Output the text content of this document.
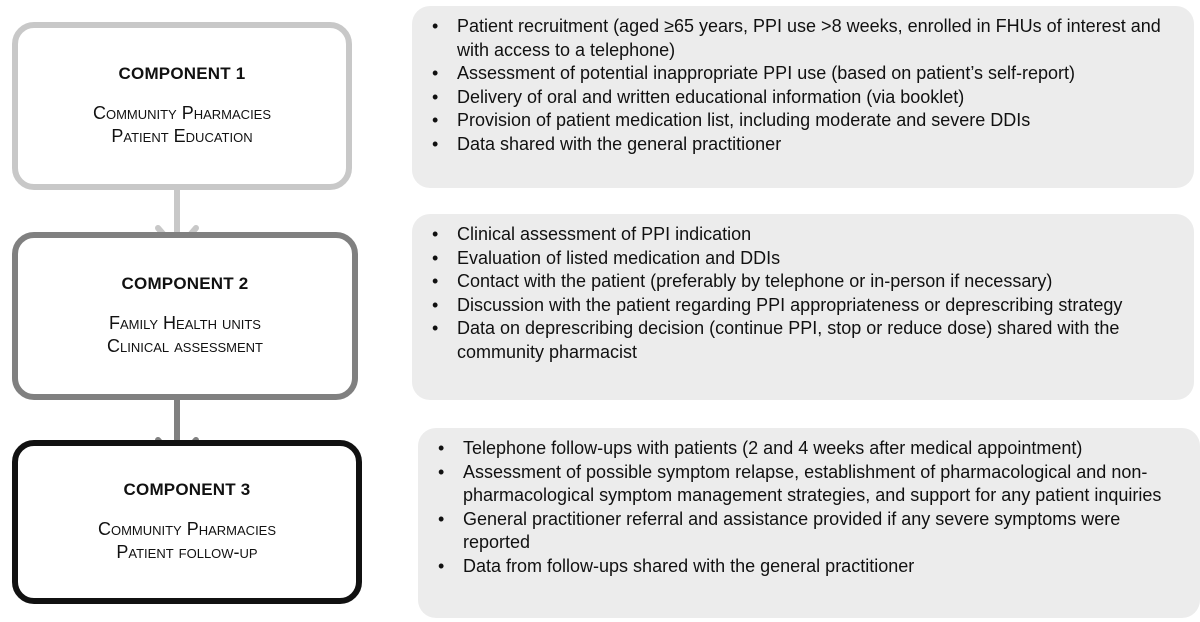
COMPONENT 1
Community Pharmacies
Patient Education
COMPONENT 2
Family Health units
Clinical assessment
COMPONENT 3
Community Pharmacies
Patient follow-up
• Patient recruitment (aged ≥65 years, PPI use >8 weeks, enrolled in FHUs of interest and with access to a telephone)
• Assessment of potential inappropriate PPI use (based on patient’s self-report)
• Delivery of oral and written educational information (via booklet)
• Provision of patient medication list, including moderate and severe DDIs
• Data shared with the general practitioner
• Clinical assessment of PPI indication
• Evaluation of listed medication and DDIs
• Contact with the patient (preferably by telephone or in-person if necessary)
• Discussion with the patient regarding PPI appropriateness or deprescribing strategy
• Data on deprescribing decision (continue PPI, stop or reduce dose) shared with the community pharmacist
• Telephone follow-ups with patients (2 and 4 weeks after medical appointment)
• Assessment of possible symptom relapse, establishment of pharmacological and non-pharmacological symptom management strategies, and support for any patient inquiries
• General practitioner referral and assistance provided if any severe symptoms were reported
• Data from follow-ups shared with the general practitioner
